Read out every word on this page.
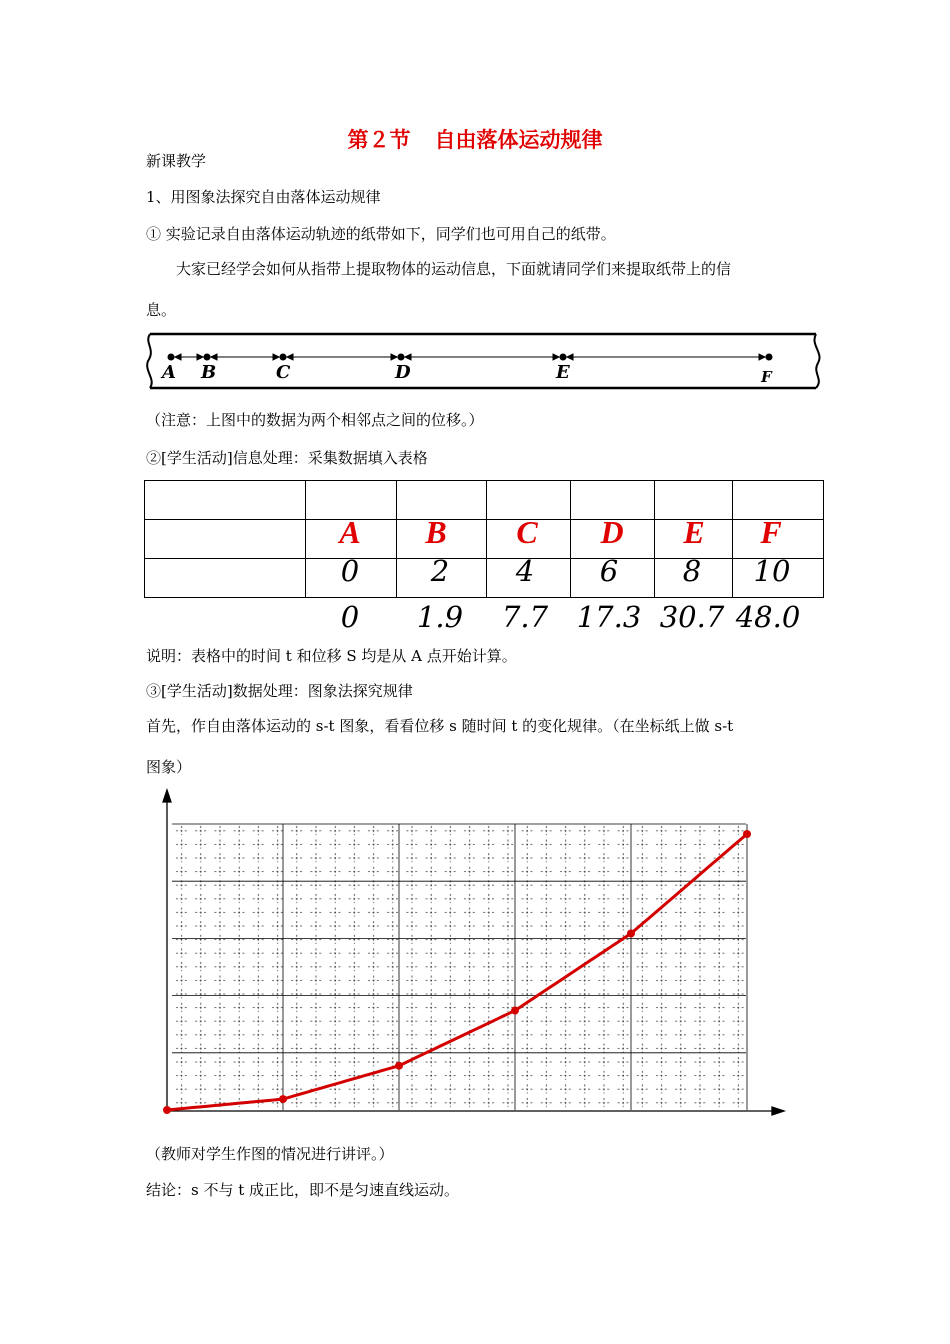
第２节 自由落体运动规律
新课教学
1、用图象法探究自由落体运动规律
① 实验记录自由落体运动轨迹的纸带如下，同学们也可用自己的纸带。
大家已经学会如何从指带上提取物体的运动信息，下面就请同学们来提取纸带上的信
息。
A B	C	D	E	F
（注意：上图中的数据为两个相邻点之间的位移。）
②[学生活动]信息处理：采集数据填入表格

A	B	C	D	E	F
0	2	4	6	8	10
0	1.9	7.7 17.3 30.7 48.0
说明：表格中的时间 t 和位移 S 均是从 A 点开始计算。
③[学生活动]数据处理：图象法探究规律
首先，作自由落体运动的 s-t 图象，看看位移 s 随时间 t 的变化规律。（在坐标纸上做 s-t
图象）
（教师对学生作图的情况进行讲评。）
结论：s 不与 t 成正比，即不是匀速直线运动。
